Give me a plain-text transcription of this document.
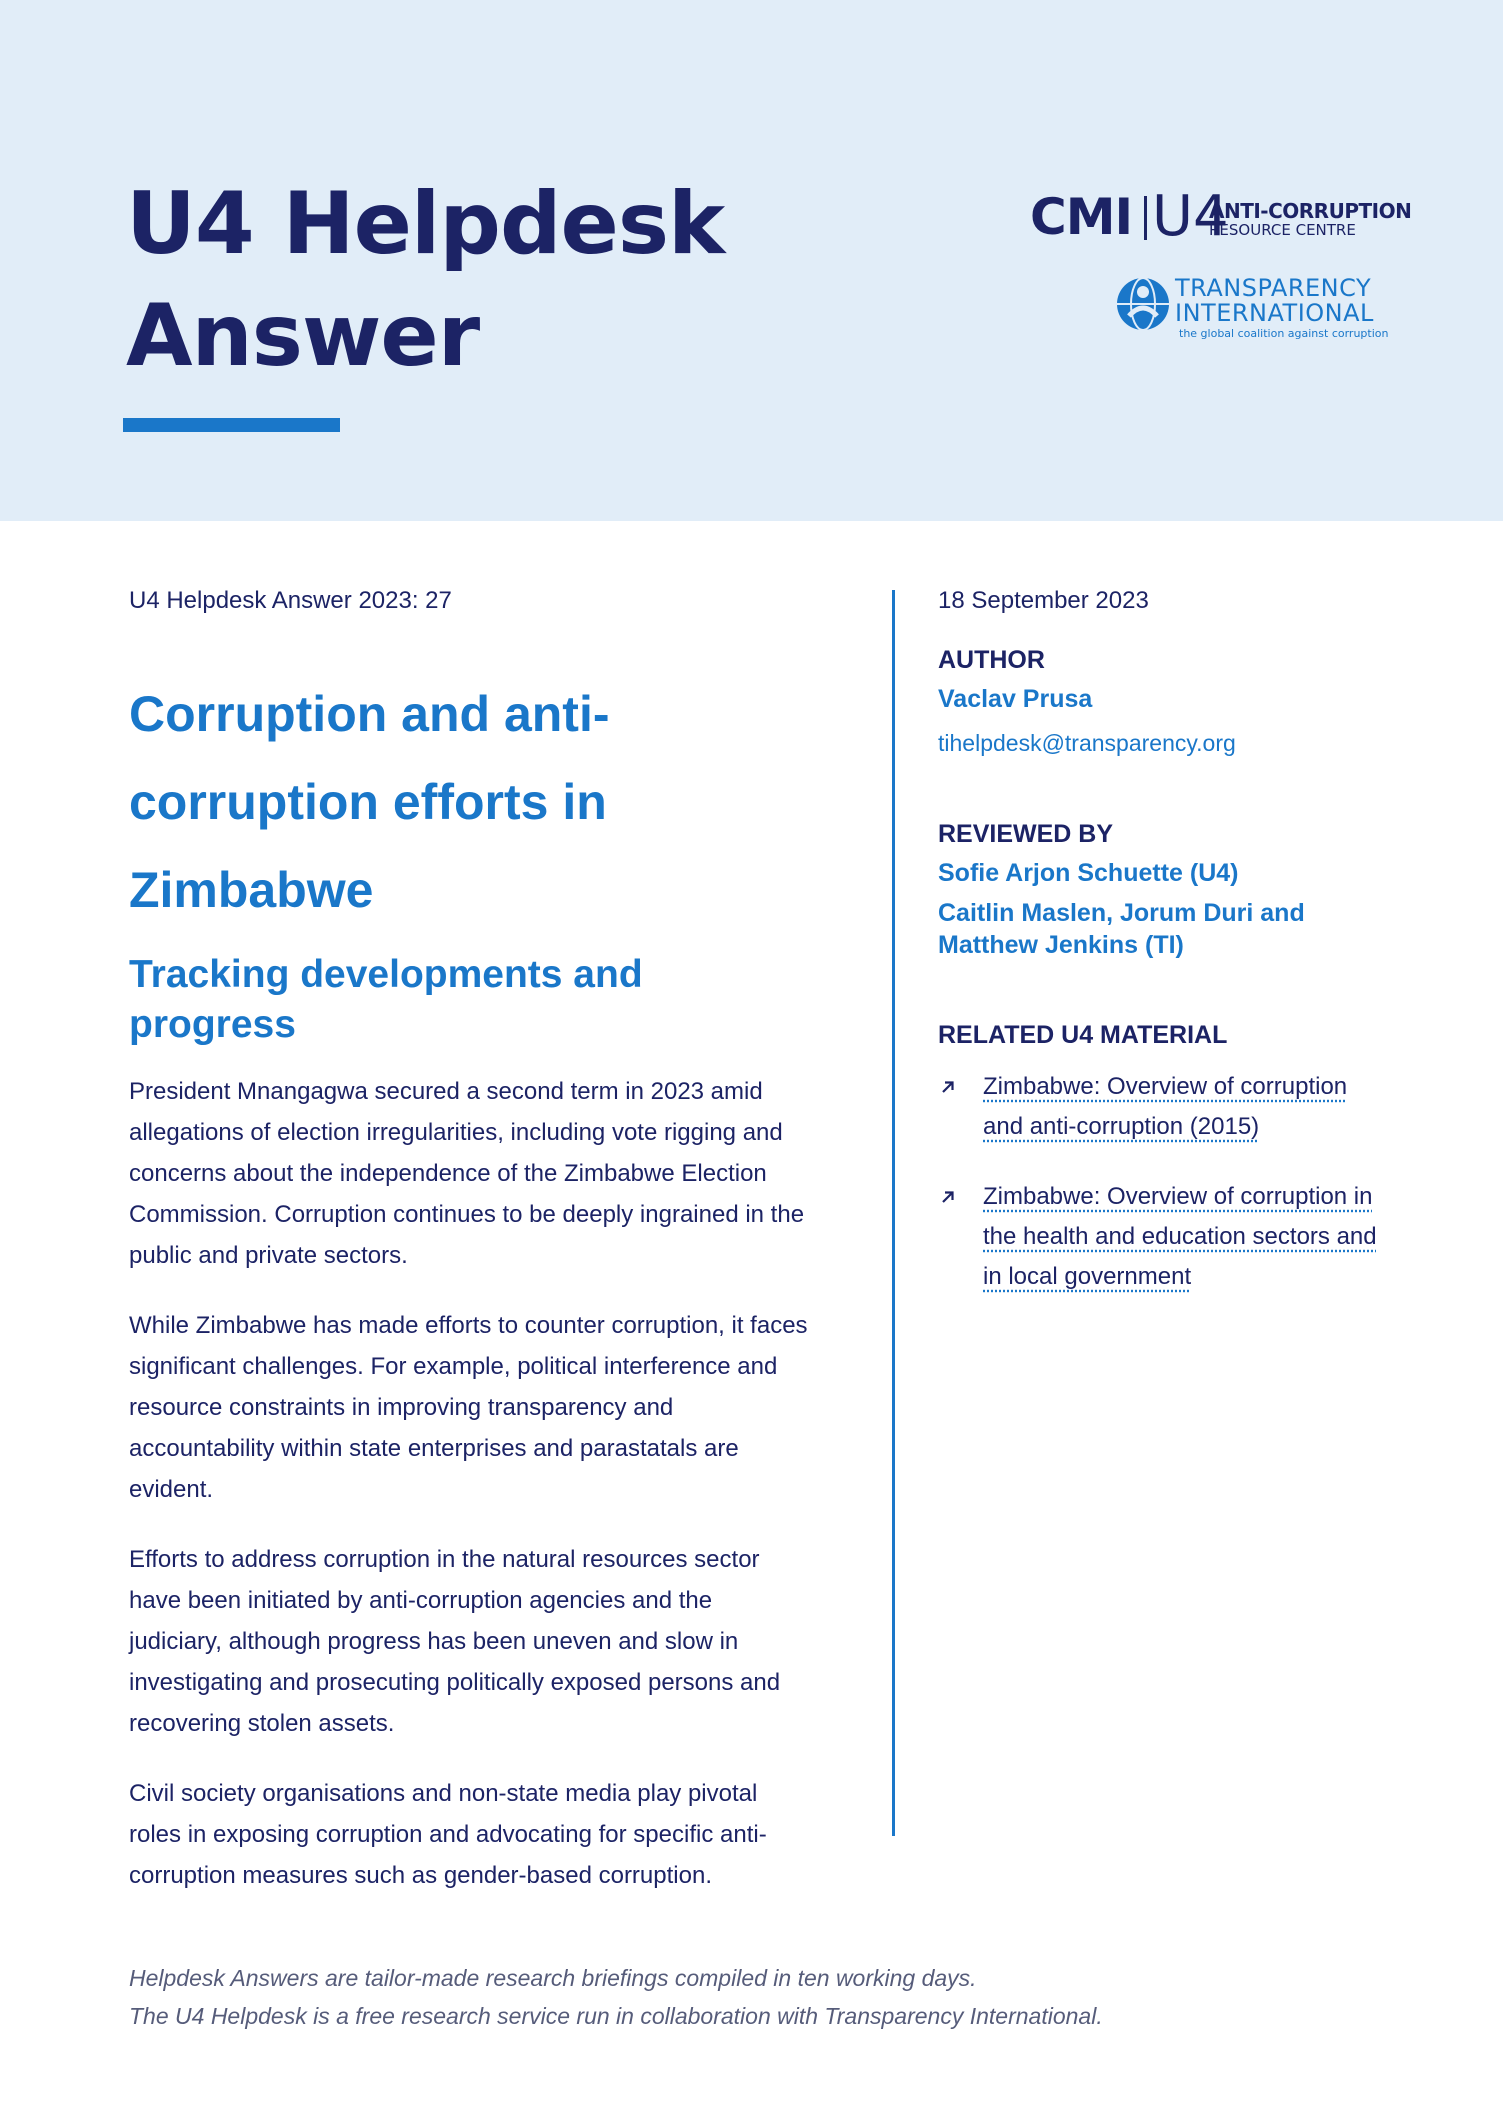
U4 Helpdesk
Answer
CMI U4
ANTI-CORRUPTION
RESOURCE CENTRE
TRANSPARENCY
INTERNATIONAL
the global coalition against corruption

U4 Helpdesk Answer 2023: 27

Corruption and anti-corruption efforts in Zimbabwe
Tracking developments and progress

President Mnangagwa secured a second term in 2023 amid allegations of election irregularities, including vote rigging and concerns about the independence of the Zimbabwe Election Commission. Corruption continues to be deeply ingrained in the public and private sectors.

While Zimbabwe has made efforts to counter corruption, it faces significant challenges. For example, political interference and resource constraints in improving transparency and accountability within state enterprises and parastatals are evident.

Efforts to address corruption in the natural resources sector have been initiated by anti-corruption agencies and the judiciary, although progress has been uneven and slow in investigating and prosecuting politically exposed persons and recovering stolen assets.

Civil society organisations and non-state media play pivotal roles in exposing corruption and advocating for specific anti-corruption measures such as gender-based corruption.

18 September 2023

AUTHOR

Vaclav Prusa

tihelpdesk@transparency.org

REVIEWED BY

Sofie Arjon Schuette (U4)

Caitlin Maslen, Jorum Duri and Matthew Jenkins (TI)

RELATED U4 MATERIAL

Zimbabwe: Overview of corruption and anti-corruption (2015)
Zimbabwe: Overview of corruption in the health and education sectors and in local government
Helpdesk Answers are tailor-made research briefings compiled in ten working days.
The U4 Helpdesk is a free research service run in collaboration with Transparency International.
